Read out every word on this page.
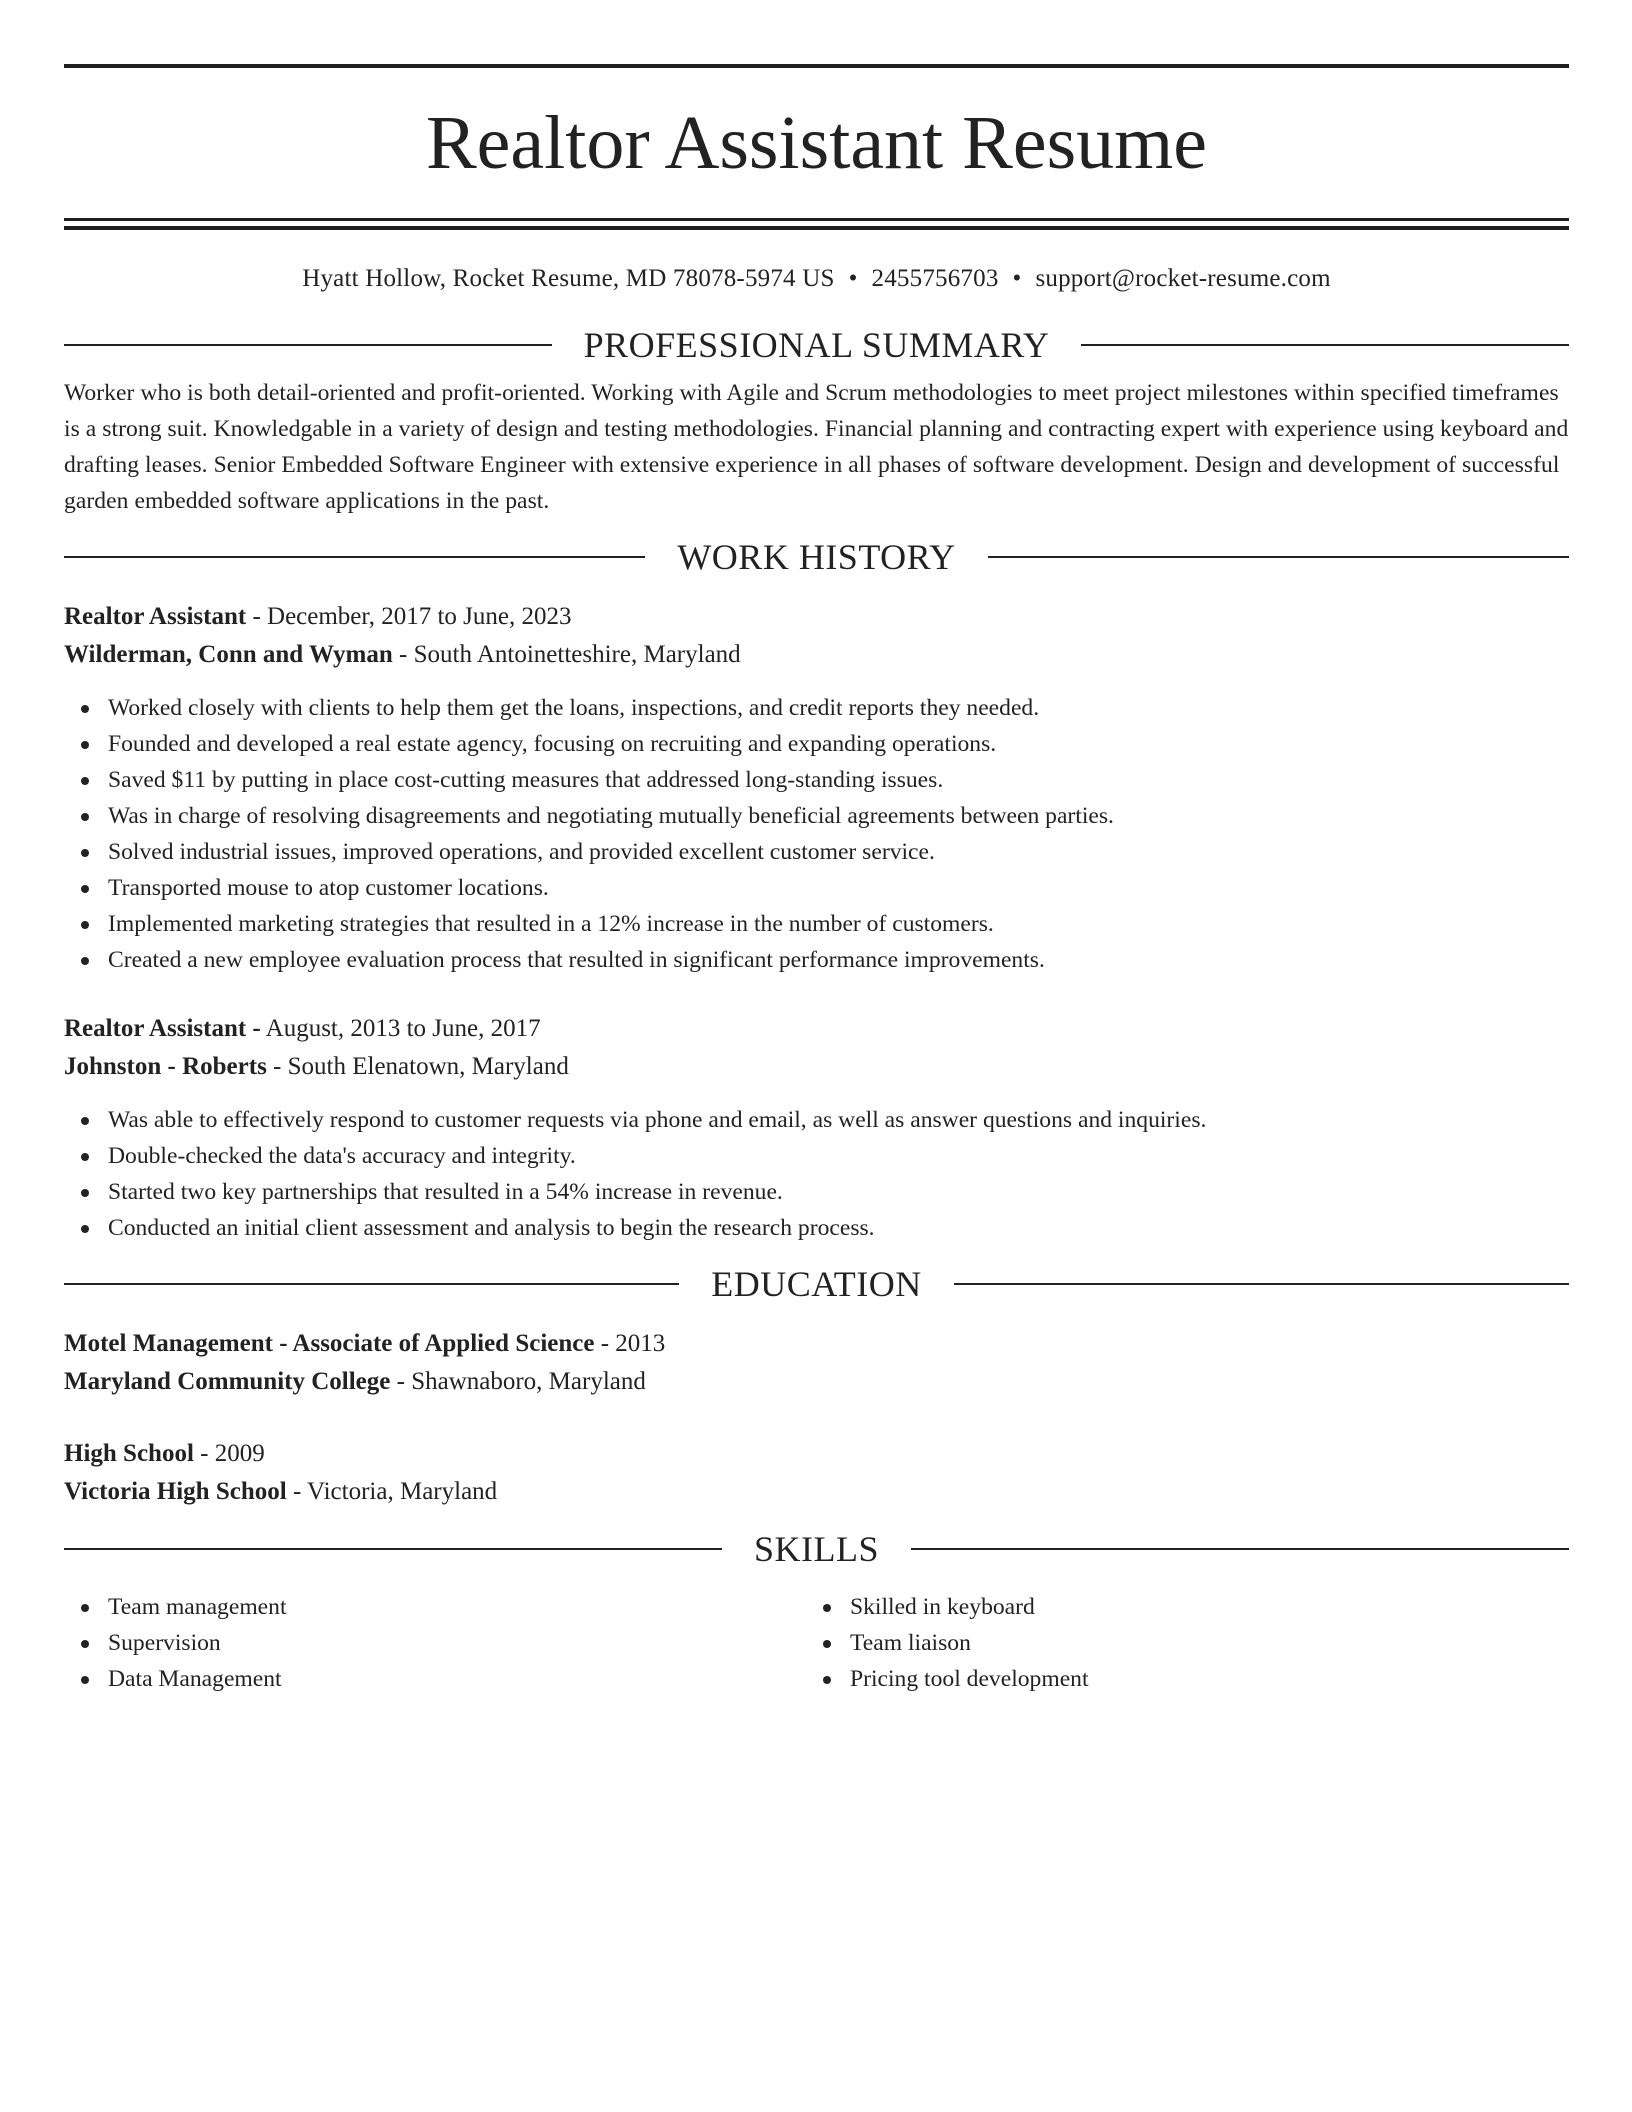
Realtor Assistant Resume
Hyatt Hollow, Rocket Resume, MD 78078-5974 US • 2455756703 • support@rocket-resume.com
PROFESSIONAL SUMMARY
Worker who is both detail-oriented and profit-oriented. Working with Agile and Scrum methodologies to meet project milestones within specified timeframes is a strong suit. Knowledgable in a variety of design and testing methodologies. Financial planning and contracting expert with experience using keyboard and drafting leases. Senior Embedded Software Engineer with extensive experience in all phases of software development. Design and development of successful garden embedded software applications in the past.
WORK HISTORY
Realtor Assistant - December, 2017 to June, 2023
Wilderman, Conn and Wyman - South Antoinetteshire, Maryland
Worked closely with clients to help them get the loans, inspections, and credit reports they needed.
Founded and developed a real estate agency, focusing on recruiting and expanding operations.
Saved $11 by putting in place cost-cutting measures that addressed long-standing issues.
Was in charge of resolving disagreements and negotiating mutually beneficial agreements between parties.
Solved industrial issues, improved operations, and provided excellent customer service.
Transported mouse to atop customer locations.
Implemented marketing strategies that resulted in a 12% increase in the number of customers.
Created a new employee evaluation process that resulted in significant performance improvements.
Realtor Assistant - August, 2013 to June, 2017
Johnston - Roberts - South Elenatown, Maryland
Was able to effectively respond to customer requests via phone and email, as well as answer questions and inquiries.
Double-checked the data's accuracy and integrity.
Started two key partnerships that resulted in a 54% increase in revenue.
Conducted an initial client assessment and analysis to begin the research process.
EDUCATION
Motel Management - Associate of Applied Science - 2013
Maryland Community College - Shawnaboro, Maryland
High School - 2009
Victoria High School - Victoria, Maryland
SKILLS
Team management
Supervision
Data Management
Skilled in keyboard
Team liaison
Pricing tool development
